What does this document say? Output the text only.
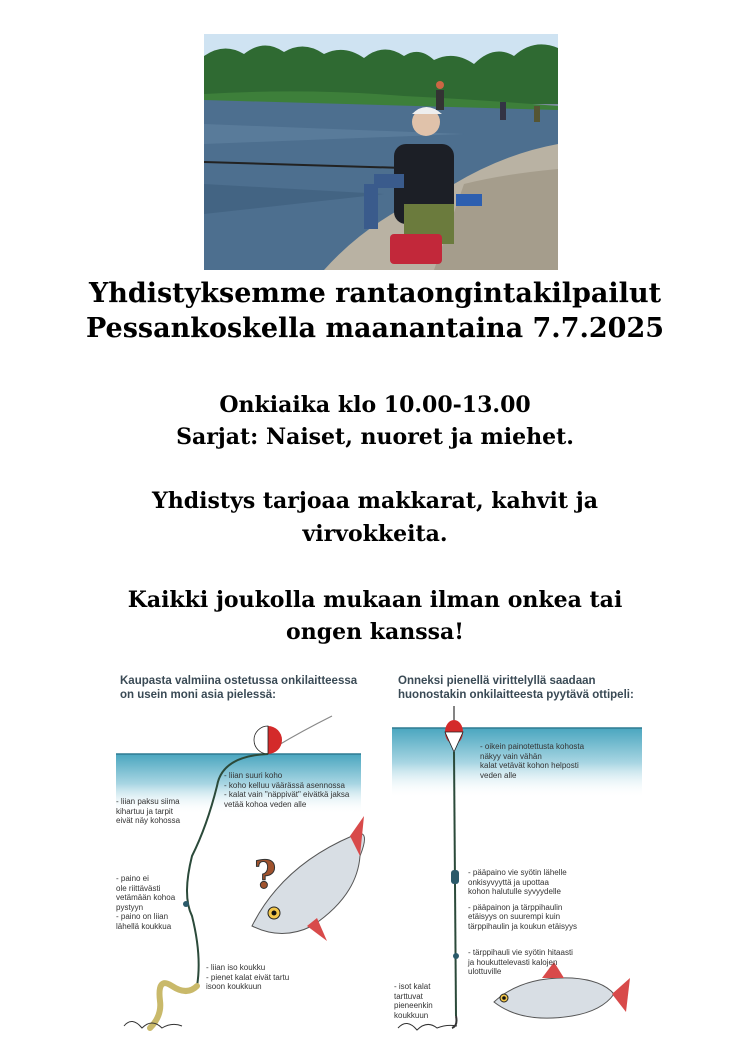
Yhdistyksemme rantaongintakilpailut
Pessankoskella maanantaina 7.7.2025
Onkiaika klo 10.00-13.00
Sarjat: Naiset, nuoret ja miehet.
Yhdistys tarjoaa makkarat, kahvit ja
virvokkeita.
Kaikki joukolla mukaan ilman onkea tai
ongen kanssa!
?
Kaupasta valmiina ostetussa onkilaitteessa
on usein moni asia pielessä:
- liian suuri koho
- koho kelluu väärässä asennossa
- kalat vain "näppivät" eivätkä jaksa
vetää kohoa veden alle
- liian paksu siima
kihartuu ja tarpit
eivät näy kohossa
- paino ei
ole riittävästi
vetämään kohoa
pystyyn
- paino on liian
lähellä koukkua
- liian iso koukku
- pienet kalat eivät tartu
isoon koukkuun
Onneksi pienellä virittelyllä saadaan
huonostakin onkilaitteesta pyytävä ottipeli:
- oikein painotettusta kohosta
näkyy vain vähän
kalat vetävät kohon helposti
veden alle
- pääpaino vie syötin lähelle
onkisyvyyttä ja upottaa
kohon halutulle syvyydelle
- pääpainon ja tärppihaulin
etäisyys on suurempi kuin
tärppihaulin ja koukun etäisyys
- tärppihauli vie syötin hitaasti
ja houkuttelevasti kalojen
ulottuville
- isot kalat
tarttuvat
pieneenkin
koukkuun
